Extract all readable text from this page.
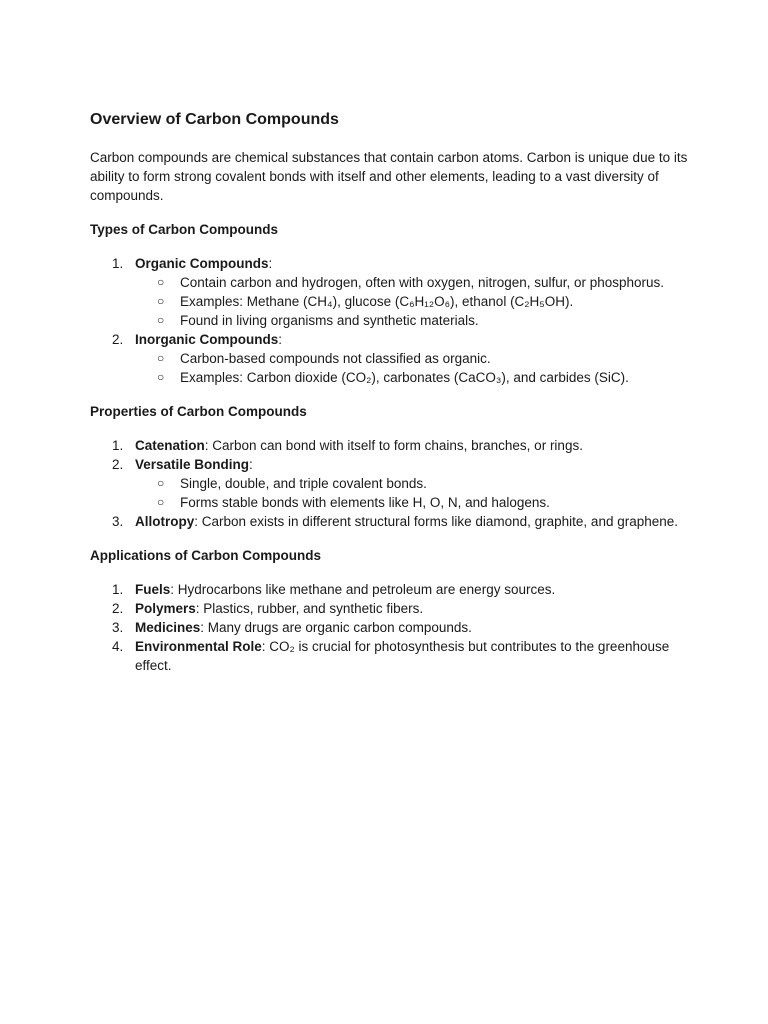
Overview of Carbon Compounds

Carbon compounds are chemical substances that contain carbon atoms. Carbon is unique due to its ability to form strong covalent bonds with itself and other elements, leading to a vast diversity of compounds.

Types of Carbon Compounds
1. Organic Compounds:
○ Contain carbon and hydrogen, often with oxygen, nitrogen, sulfur, or phosphorus.
○ Examples: Methane (CH₄), glucose (C₆H₁₂O₆), ethanol (C₂H₅OH).
○ Found in living organisms and synthetic materials.
2. Inorganic Compounds:
○ Carbon-based compounds not classified as organic.
○ Examples: Carbon dioxide (CO₂), carbonates (CaCO₃), and carbides (SiC).
Properties of Carbon Compounds
1. Catenation: Carbon can bond with itself to form chains, branches, or rings.
2. Versatile Bonding:
○ Single, double, and triple covalent bonds.
○ Forms stable bonds with elements like H, O, N, and halogens.
3. Allotropy: Carbon exists in different structural forms like diamond, graphite, and graphene.
Applications of Carbon Compounds
1. Fuels: Hydrocarbons like methane and petroleum are energy sources.
2. Polymers: Plastics, rubber, and synthetic fibers.
3. Medicines: Many drugs are organic carbon compounds.
4. Environmental Role: CO₂ is crucial for photosynthesis but contributes to the greenhouse effect.
